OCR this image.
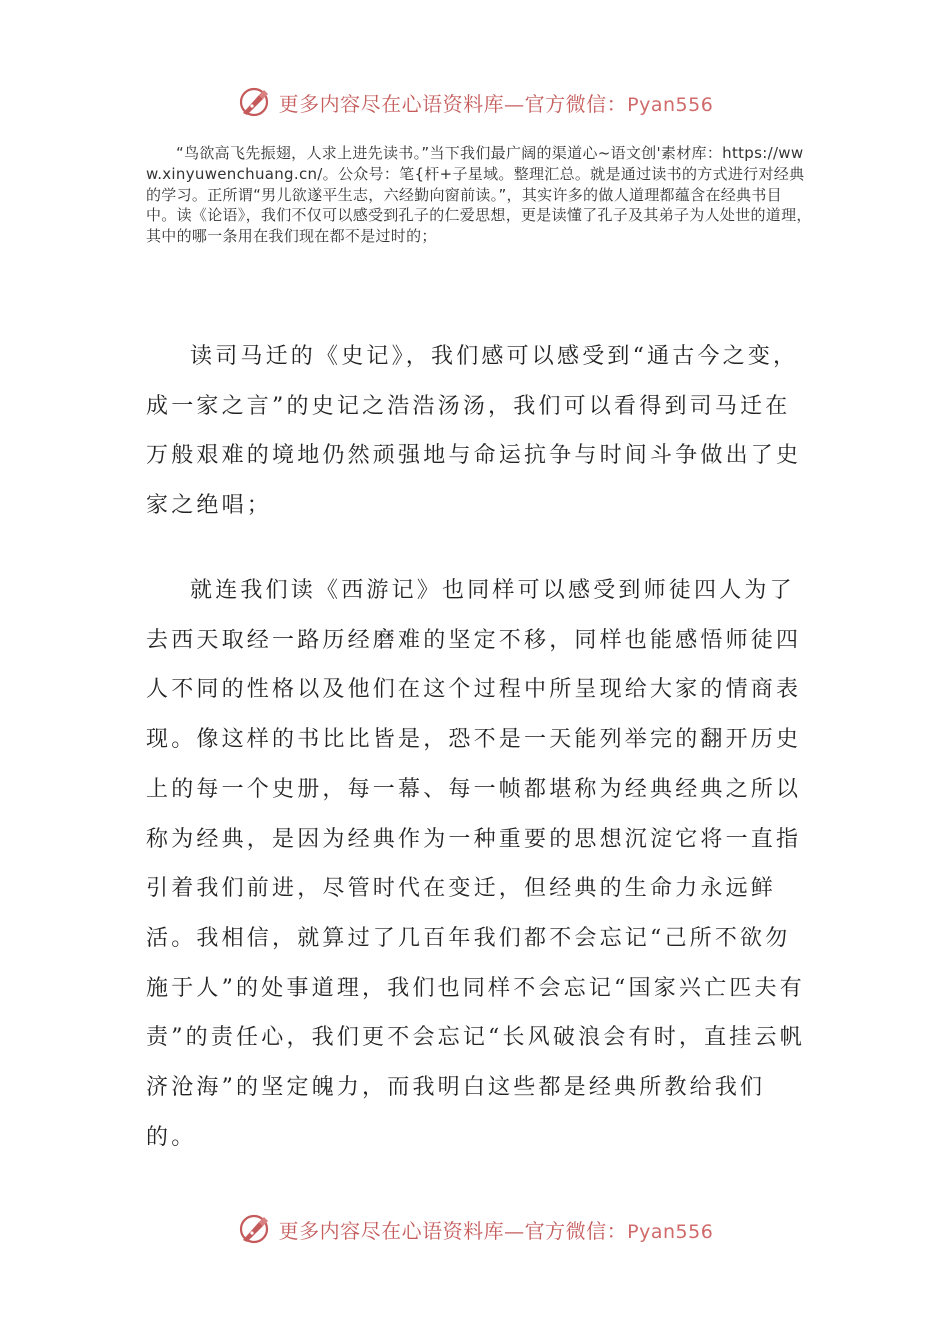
更多内容尽在心语资料库—官方微信：Pyan556

“鸟欲高飞先振翅，人求上进先读书。”当下我们最广阔的渠道心~语文创'素材库：https://www.xinyuwenchuang.cn/。公众号：笔{杆+子星域。整理汇总。就是通过读书的方式进行对经典的学习。正所谓“男儿欲遂平生志，六经勤向窗前读。”，其实许多的做人道理都蕴含在经典书目中。读《论语》，我们不仅可以感受到孔子的仁爱思想，更是读懂了孔子及其弟子为人处世的道理，其中的哪一条用在我们现在都不是过时的；

读司马迁的《史记》，我们感可以感受到“通古今之变，成一家之言”的史记之浩浩汤汤，我们可以看得到司马迁在万般艰难的境地仍然顽强地与命运抗争与时间斗争做出了史家之绝唱；

就连我们读《西游记》也同样可以感受到师徒四人为了去西天取经一路历经磨难的坚定不移，同样也能感悟师徒四人不同的性格以及他们在这个过程中所呈现给大家的情商表现。像这样的书比比皆是，恐不是一天能列举完的翻开历史上的每一个史册，每一幕、每一帧都堪称为经典经典之所以称为经典，是因为经典作为一种重要的思想沉淀它将一直指引着我们前进，尽管时代在变迁，但经典的生命力永远鲜活。我相信，就算过了几百年我们都不会忘记“己所不欲勿施于人”的处事道理，我们也同样不会忘记“国家兴亡匹夫有责”的责任心，我们更不会忘记“长风破浪会有时，直挂云帆济沧海”的坚定魄力，而我明白这些都是经典所教给我们的。

更多内容尽在心语资料库—官方微信：Pyan556
